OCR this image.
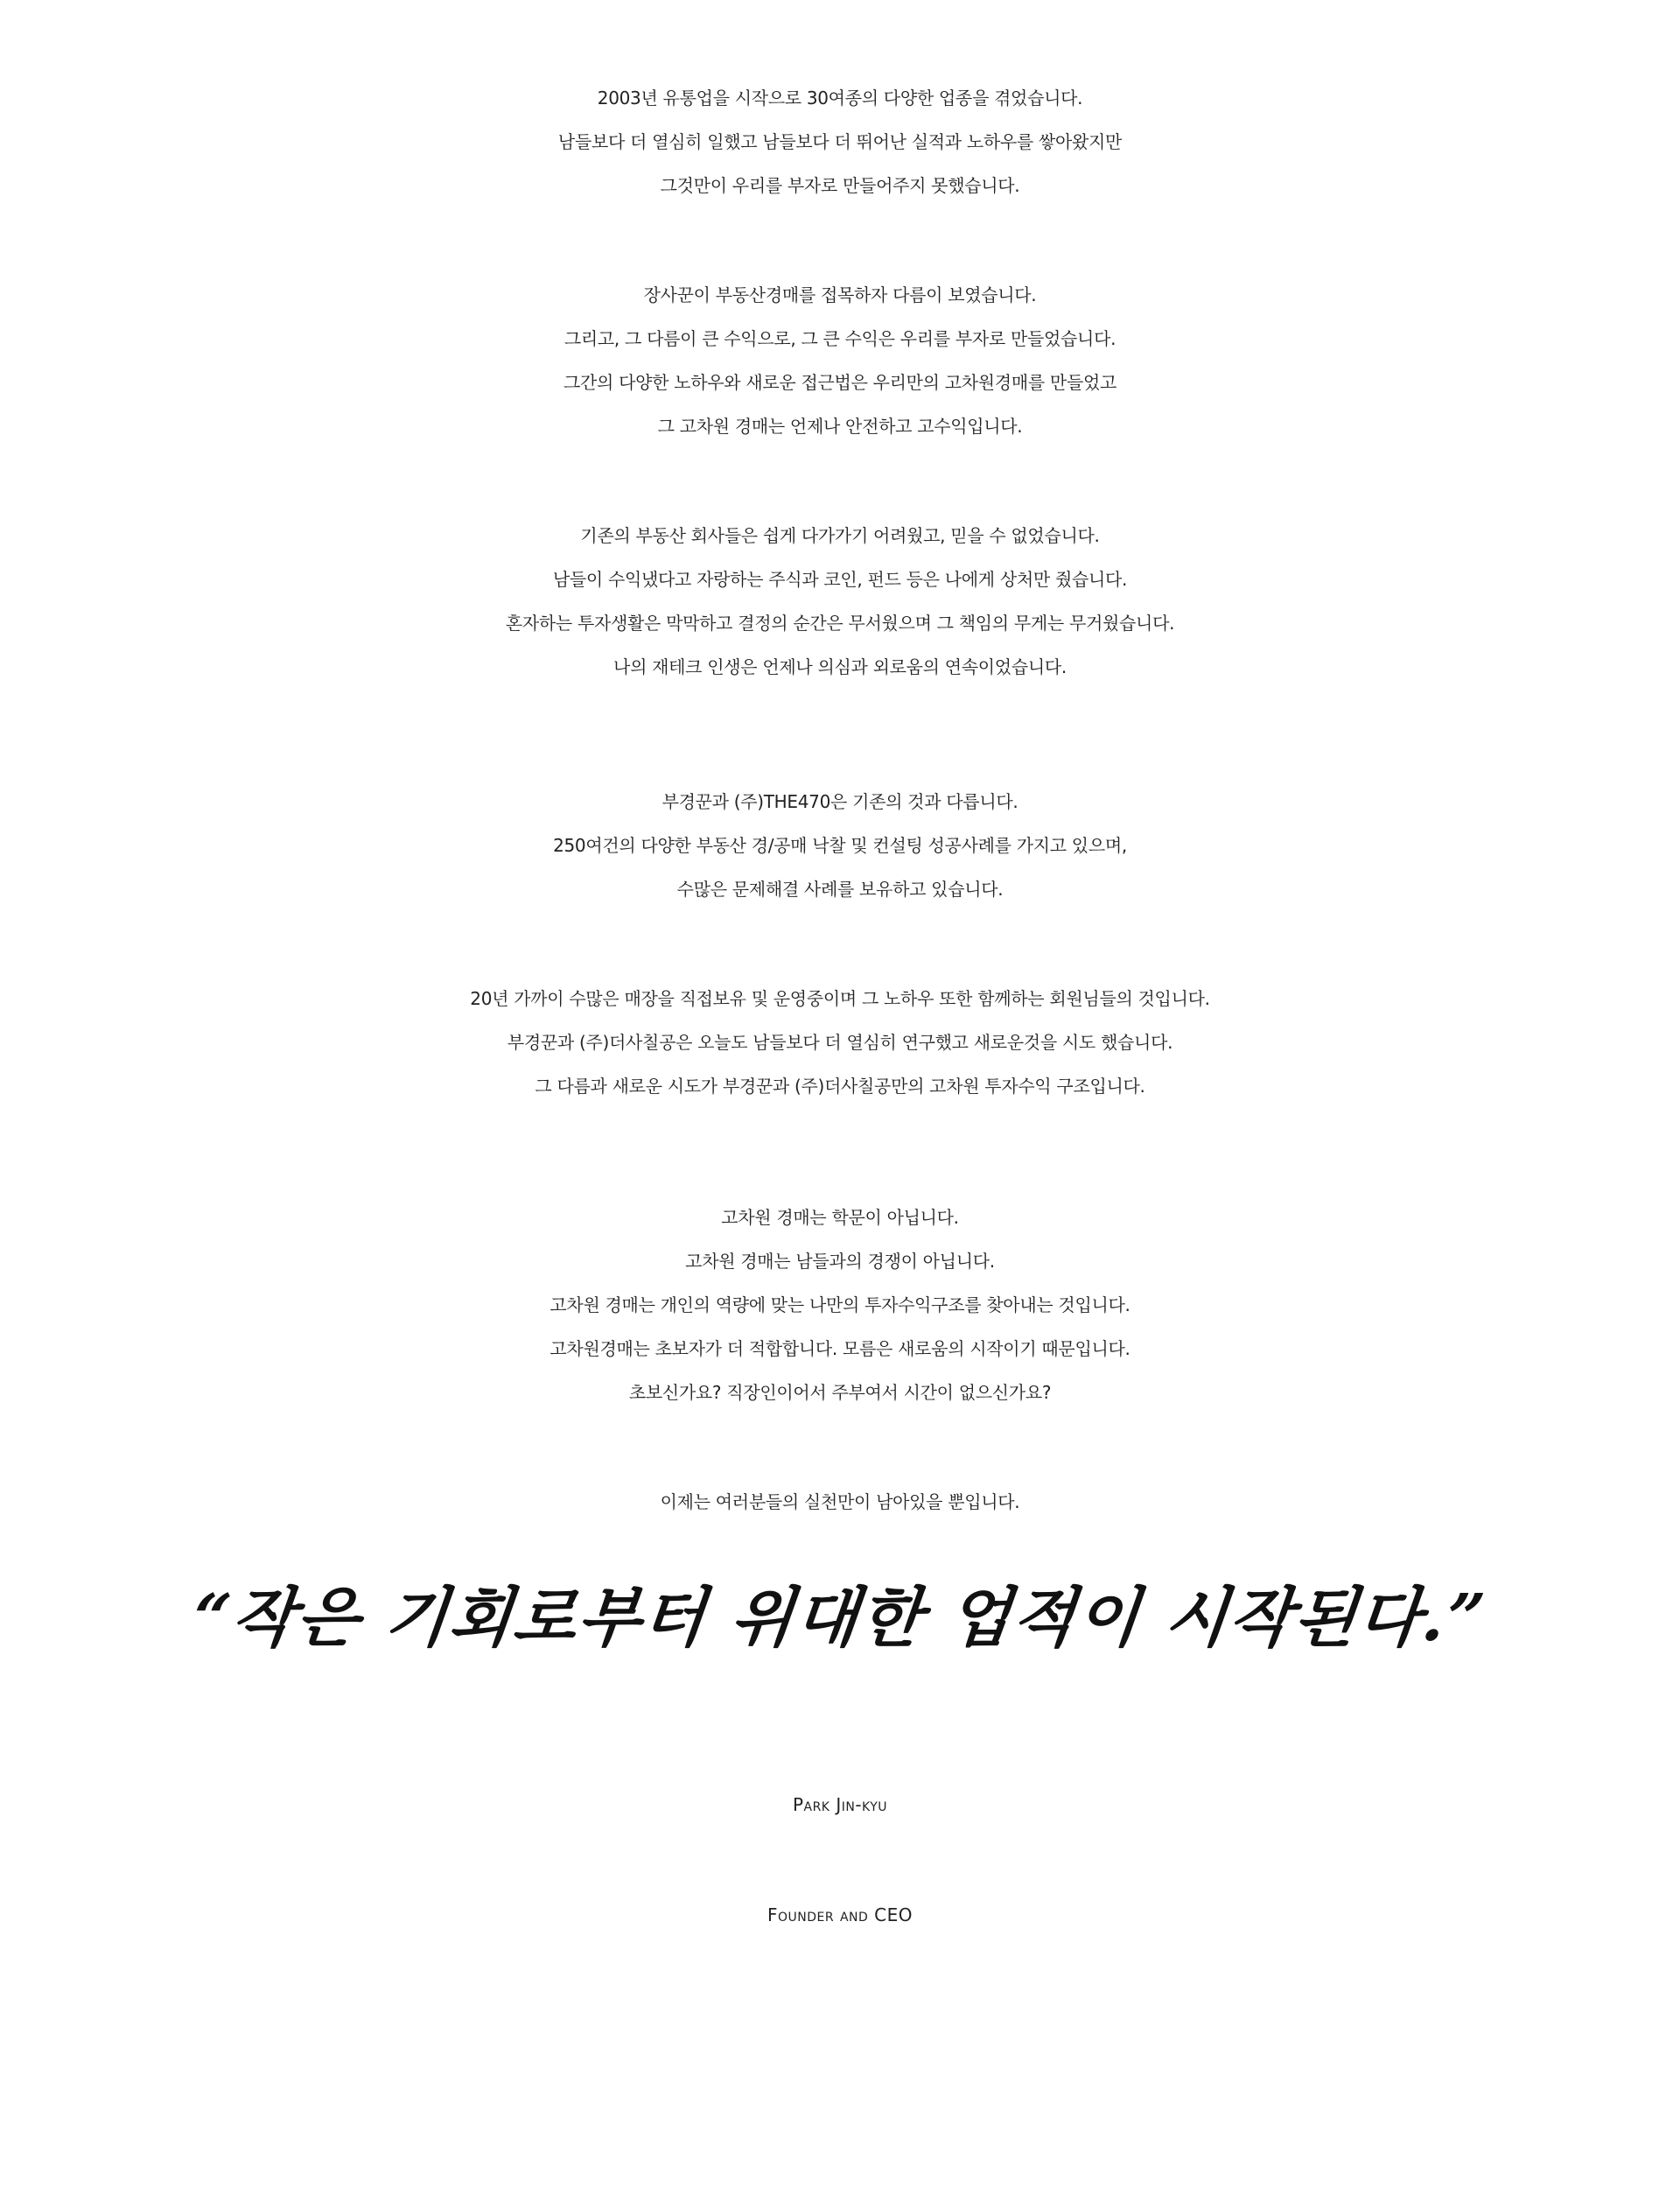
2003년 유통업을 시작으로 30여종의 다양한 업종을 겪었습니다.
남들보다 더 열심히 일했고 남들보다 더 뛰어난 실적과 노하우를 쌓아왔지만
그것만이 우리를 부자로 만들어주지 못했습니다.
장사꾼이 부동산경매를 접목하자 다름이 보였습니다.
그리고, 그 다름이 큰 수익으로, 그 큰 수익은 우리를 부자로 만들었습니다.
그간의 다양한 노하우와 새로운 접근법은 우리만의 고차원경매를 만들었고
그 고차원 경매는 언제나 안전하고 고수익입니다.
기존의 부동산 회사들은 쉽게 다가가기 어려웠고, 믿을 수 없었습니다.
남들이 수익냈다고 자랑하는 주식과 코인, 펀드 등은 나에게 상처만 줬습니다.
혼자하는 투자생활은 막막하고 결정의 순간은 무서웠으며 그 책임의 무게는 무거웠습니다.
나의 재테크 인생은 언제나 의심과 외로움의 연속이었습니다.
부경꾼과 (주)THE470은 기존의 것과 다릅니다.
250여건의 다양한 부동산 경/공매 낙찰 및 컨설팅 성공사례를 가지고 있으며,
수많은 문제해결 사례를 보유하고 있습니다.
20년 가까이 수많은 매장을 직접보유 및 운영중이며 그 노하우 또한 함께하는 회원님들의 것입니다.
부경꾼과 (주)더사칠공은 오늘도 남들보다 더 열심히 연구했고 새로운것을 시도 했습니다.
그 다름과 새로운 시도가 부경꾼과 (주)더사칠공만의 고차원 투자수익 구조입니다.
고차원 경매는 학문이 아닙니다.
고차원 경매는 남들과의 경쟁이 아닙니다.
고차원 경매는 개인의 역량에 맞는 나만의 투자수익구조를 찾아내는 것입니다.
고차원경매는 초보자가 더 적합합니다. 모름은 새로움의 시작이기 때문입니다.
초보신가요? 직장인이어서 주부여서 시간이 없으신가요?
이제는 여러분들의 실천만이 남아있을 뿐입니다.
“작은 기회로부터 위대한 업적이 시작된다.”
Park Jin-kyu
Founder and CEO
